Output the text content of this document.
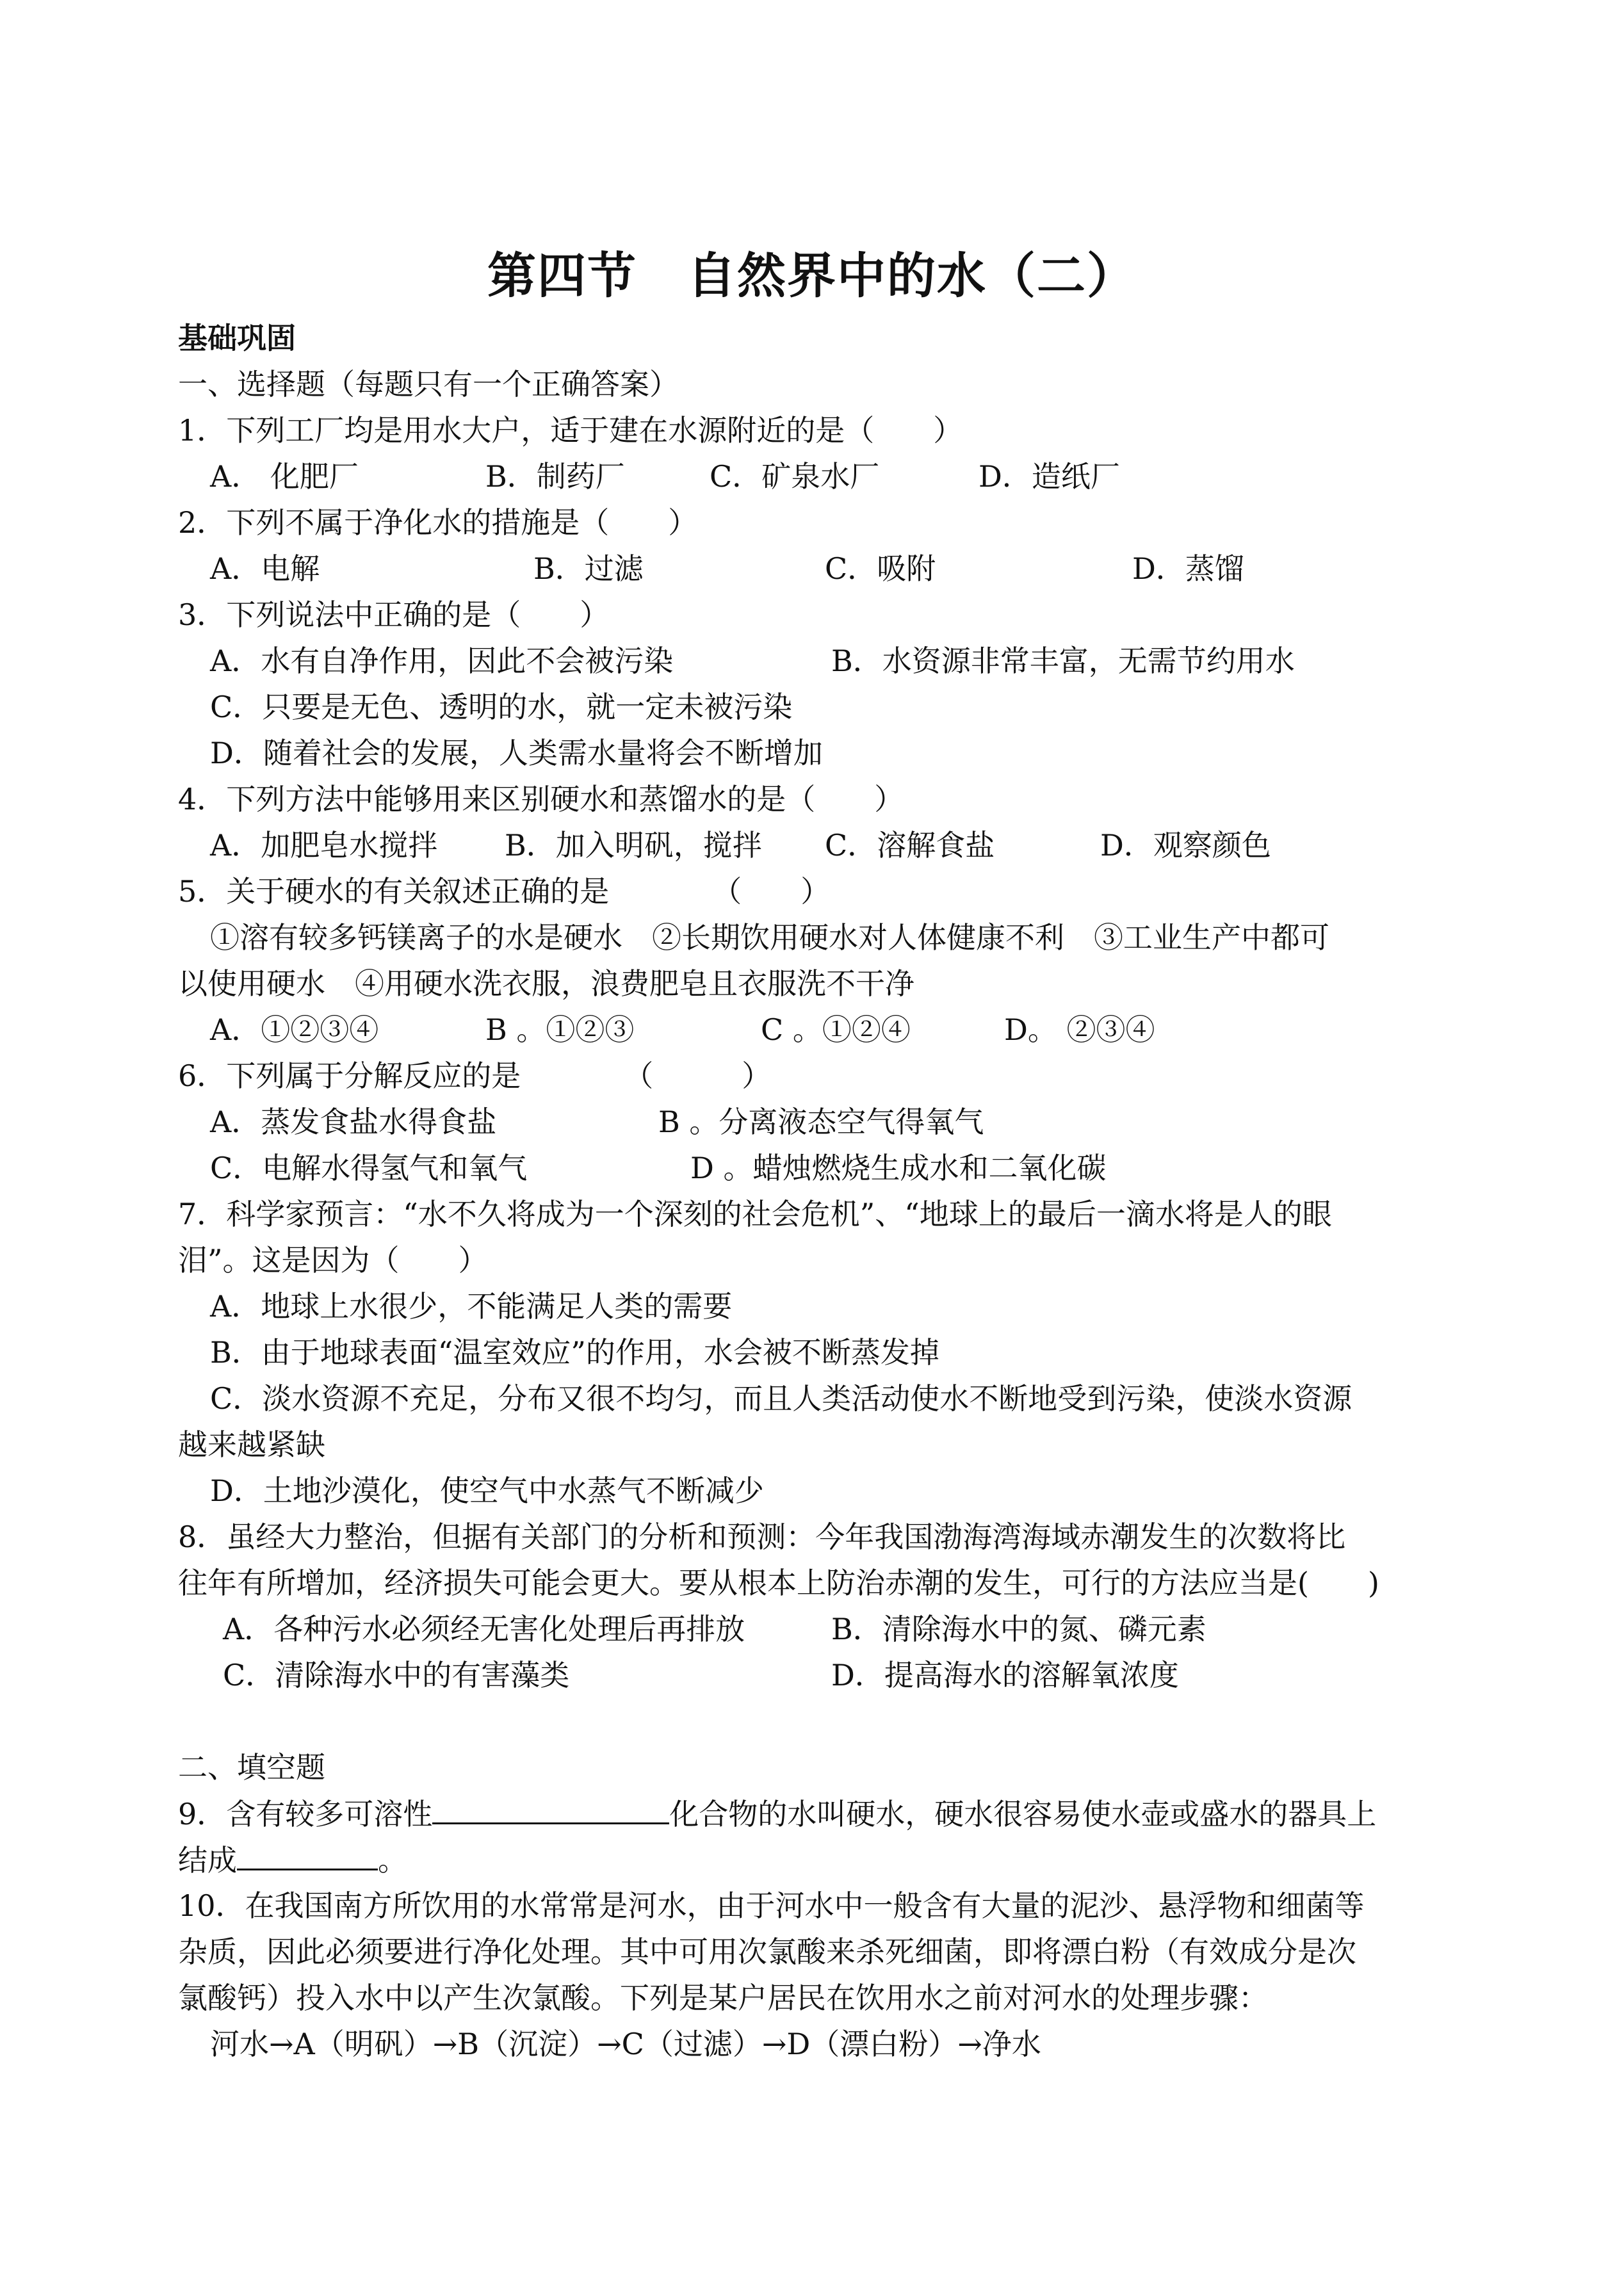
第四节　自然界中的水（二）
基础巩固
一、选择题（每题只有一个正确答案）
1．下列工厂均是用水大户，适于建在水源附近的是（　　）
A． 化肥厂	B．制药厂	C．矿泉水厂	D．造纸厂
2．下列不属于净化水的措施是（　　）
A．电解	B．过滤	C．吸附	D．蒸馏
3．下列说法中正确的是（　　）
A．水有自净作用，因此不会被污染	B．水资源非常丰富，无需节约用水
C．只要是无色、透明的水，就一定未被污染
D．随着社会的发展，人类需水量将会不断增加
4．下列方法中能够用来区别硬水和蒸馏水的是（　　）
A．加肥皂水搅拌 B．加入明矾，搅拌 C．溶解食盐	D．观察颜色
5．关于硬水的有关叙述正确的是　　　　（　　）
①溶有较多钙镁离子的水是硬水　②长期饮用硬水对人体健康不利　③工业生产中都可
以使用硬水　④用硬水洗衣服，浪费肥皂且衣服洗不干净
A．①②③④	B 。①②③	C 。①②④	D。 ②③④
6．下列属于分解反应的是　　　　（　　　）
A．蒸发食盐水得食盐	B 。分离液态空气得氧气
C．电解水得氢气和氧气	D 。蜡烛燃烧生成水和二氧化碳
7．科学家预言：“水不久将成为一个深刻的社会危机”、“地球上的最后一滴水将是人的眼
泪”。这是因为（　　）
A．地球上水很少，不能满足人类的需要
B．由于地球表面“温室效应”的作用，水会被不断蒸发掉
C．淡水资源不充足，分布又很不均匀，而且人类活动使水不断地受到污染，使淡水资源
越来越紧缺
D．土地沙漠化，使空气中水蒸气不断减少
8．虽经大力整治，但据有关部门的分析和预测：今年我国渤海湾海域赤潮发生的次数将比
往年有所增加，经济损失可能会更大。要从根本上防治赤潮的发生，可行的方法应当是(　　)
A．各种污水必须经无害化处理后再排放	B．清除海水中的氮、磷元素
C．清除海水中的有害藻类	D．提高海水的溶解氧浓度
二、填空题
9．含有较多可溶性	化合物的水叫硬水，硬水很容易使水壶或盛水的器具上
结成	。
10．在我国南方所饮用的水常常是河水，由于河水中一般含有大量的泥沙、悬浮物和细菌等
杂质，因此必须要进行净化处理。其中可用次氯酸来杀死细菌，即将漂白粉（有效成分是次
氯酸钙）投入水中以产生次氯酸。下列是某户居民在饮用水之前对河水的处理步骤：
河水→A（明矾）→B（沉淀）→C（过滤）→D（漂白粉）→净水
